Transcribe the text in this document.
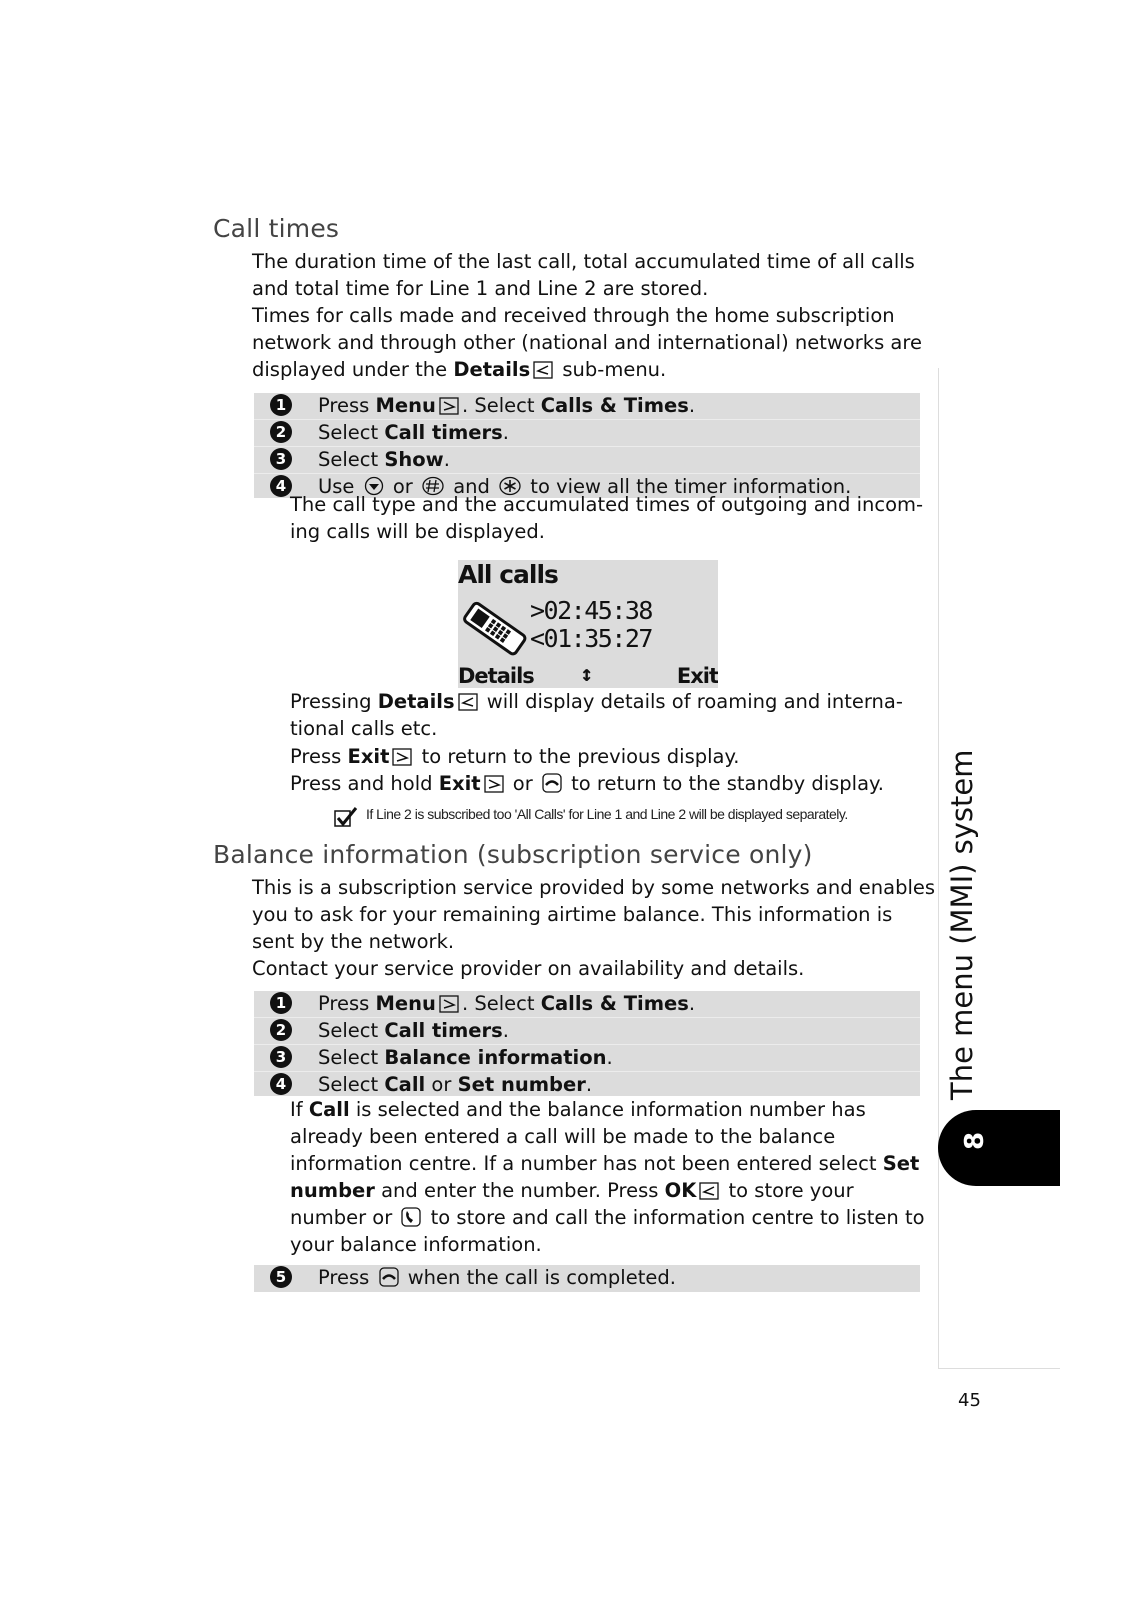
Call times

The duration time of the last call, total accumulated time of all calls
and total time for Line 1 and Line 2 are stored.

Times for calls made and received through the home subscription
network and through other (national and international) networks are
displayed under the Details sub-menu.

1 Press Menu . Select Calls & Times.
2 Select Call timers.
3 Select Show.
4 Use  or  and  to view all the timer information.

The call type and the accumulated times of outgoing and incom-
ing calls will be displayed.

All calls
>02:45:38
<01:35:27
Details ↕	Exit

Pressing Details will display details of roaming and interna-
tional calls etc.

Press Exit to return to the previous display.

Press and hold Exit or  to return to the standby display.

If Line 2 is subscribed too 'All Calls' for Line 1 and Line 2 will be displayed separately.
Balance information (subscription service only)

This is a subscription service provided by some networks and enables
you to ask for your remaining airtime balance. This information is
sent by the network.
Contact your service provider on availability and details.

1 Press Menu . Select Calls & Times.
2 Select Call timers.
3 Select Balance information.
4 Select Call or Set number.

If Call is selected and the balance information number has
already been entered a call will be made to the balance
information centre. If a number has not been entered select Set
number and enter the number. Press OK to store your
number or  to store and call the information centre to listen to
your balance information.

5 Press  when the call is completed.
The menu (MMI) system
8
45
